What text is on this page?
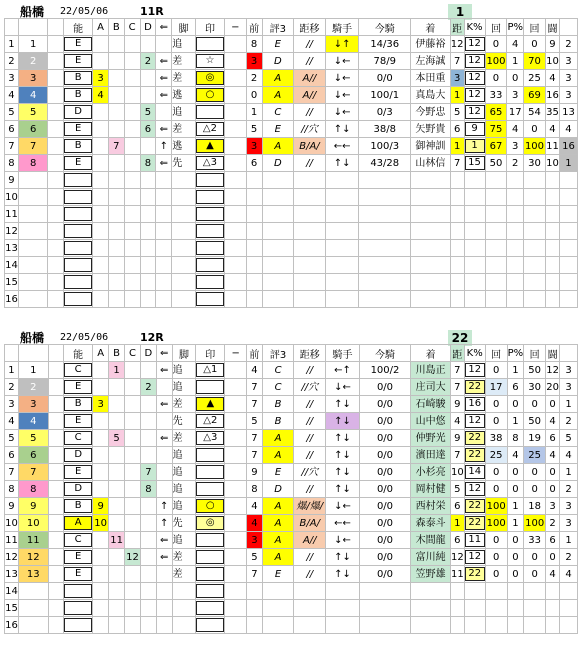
船橋 22/05/06	11R	1
			能	A	B	C	D	⇐	脚	印	−	前	評3	距移	騎手	今騎	着	距	K%	回	P%	回	闘	
1	1		E						追			8	E	//	↓↑	14/36	伊藤裕	12	12	0	4	0	9	2
2	2		E				2	⇐	差	☆		3	D	//	↓←	78/9	左海誠	7	12	100	1	70	10	3
3	3		B	3				⇐	差	◎		2	A	A//	↓←	0/0	本田重	3	12	0	0	25	4	3
4	4		B	4				⇐	逃	○		0	A	A//	↓←	100/1	真島大	1	12	33	3	69	16	3
5	5		D				5		追			1	C	//	↓←	0/3	今野忠	5	12	65	17	54	35	13
6	6		E				6	⇐	差	△2		5	E	//穴	↑↓	38/8	矢野貴	6	9	75	4	0	4	4
7	7		B		7			↑	逃	▲		3	A	B/A/	←←	100/3	御神訓	1	1	67	3	100	11	16
8	8		E				8	⇐	先	△3		6	D	//	↑↓	43/28	山林信	7	15	50	2	30	10	1
9																								
10																								
11																								
12																								
13																								
14																								
15																								
16																								
船橋 22/05/06	12R	22
			能	A	B	C	D	⇐	脚	印	−	前	評3	距移	騎手	今騎	着	距	K%	回	P%	回	闘	
1	1		C		1			⇐	追	△1		4	C	//	←↑	100/2	川島正	7	12	0	1	50	12	3
2	2		E				2		追			7	C	//穴	↓←	0/0	庄司大	7	22	17	6	30	20	3
3	3		B	3				⇐	差	▲		7	B	//	↑↓	0/0	石崎駿	9	16	0	0	0	0	1
4	4		E						先	△2		5	B	//	↑↓	0/0	山中悠	4	12	0	1	50	4	2
5	5		C		5			⇐	差	△3		7	A	//	↑↓	0/0	仲野光	9	22	38	8	19	6	5
6	6		D						追			7	A	//	↑↓	0/0	濱田達	7	22	25	4	25	4	4
7	7		E				7		追			9	E	//穴	↑↓	0/0	小杉亮	10	14	0	0	0	0	1
8	8		D				8		追			8	D	//	↑↓	0/0	岡村健	5	12	0	0	0	0	2
9	9		B	9				↑	追	○		4	A	爆/爆/	↓←	0/0	西村栄	6	22	100	1	18	3	3
10	10		A	10				↑	先	◎		4	A	B/A/	←←	0/0	森泰斗	1	22	100	1	100	2	3
11	11		C		11			⇐	追			3	A	A//	↓←	0/0	木間龍	6	11	0	0	33	6	1
12	12		E			12		⇐	差			5	A	//	↑↓	0/0	富川純	12	12	0	0	0	0	2
13	13		E						差			7	E	//	↑↓	0/0	笠野雄	11	22	0	0	0	4	4
14																								
15																								
16																								
